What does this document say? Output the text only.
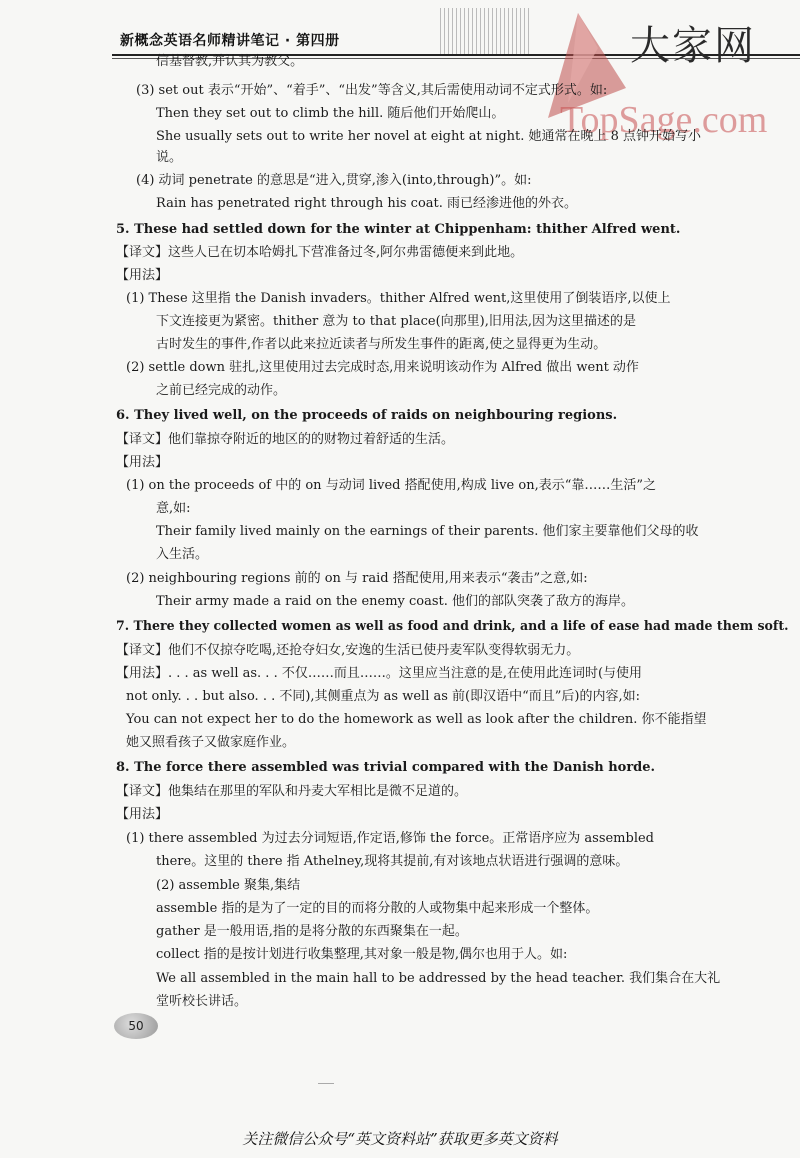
新概念英语名师精讲笔记 · 第四册	大家网
TopSage.com
信基督教,并认其为教父。
(3) set out 表示“开始”、“着手”、“出发”等含义,其后需使用动词不定式形式。如:
Then they set out to climb the hill. 随后他们开始爬山。
She usually sets out to write her novel at eight at night. 她通常在晚上 8 点钟开始写小
说。
(4) 动词 penetrate 的意思是“进入,贯穿,渗入(into,through)”。如:
Rain has penetrated right through his coat. 雨已经渗进他的外衣。
5. These had settled down for the winter at Chippenham: thither Alfred went.
【译文】这些人已在切本哈姆扎下营准备过冬,阿尔弗雷德便来到此地。
【用法】
(1) These 这里指 the Danish invaders。thither Alfred went,这里使用了倒装语序,以使上
下文连接更为紧密。thither 意为 to that place(向那里),旧用法,因为这里描述的是
古时发生的事件,作者以此来拉近读者与所发生事件的距离,使之显得更为生动。
(2) settle down 驻扎,这里使用过去完成时态,用来说明该动作为 Alfred 做出 went 动作
之前已经完成的动作。
6. They lived well, on the proceeds of raids on neighbouring regions.
【译文】他们靠掠夺附近的地区的的财物过着舒适的生活。
【用法】
(1) on the proceeds of 中的 on 与动词 lived 搭配使用,构成 live on,表示“靠……生活”之
意,如:
Their family lived mainly on the earnings of their parents. 他们家主要靠他们父母的收
入生活。
(2) neighbouring regions 前的 on 与 raid 搭配使用,用来表示“袭击”之意,如:
Their army made a raid on the enemy coast. 他们的部队突袭了敌方的海岸。
7. There they collected women as well as food and drink, and a life of ease had made them soft.
【译文】他们不仅掠夺吃喝,还抢夺妇女,安逸的生活已使丹麦军队变得软弱无力。
【用法】. . . as well as. . . 不仅……而且……。这里应当注意的是,在使用此连词时(与使用
not only. . . but also. . . 不同),其侧重点为 as well as 前(即汉语中“而且”后)的内容,如:
You can not expect her to do the homework as well as look after the children. 你不能指望
她又照看孩子又做家庭作业。
8. The force there assembled was trivial compared with the Danish horde.
【译文】他集结在那里的军队和丹麦大军相比是微不足道的。
【用法】
(1) there assembled 为过去分词短语,作定语,修饰 the force。正常语序应为 assembled
there。这里的 there 指 Athelney,现将其提前,有对该地点状语进行强调的意味。
(2) assemble 聚集,集结
assemble 指的是为了一定的目的而将分散的人或物集中起来形成一个整体。
gather 是一般用语,指的是将分散的东西聚集在一起。
collect 指的是按计划进行收集整理,其对象一般是物,偶尔也用于人。如:
We all assembled in the main hall to be addressed by the head teacher. 我们集合在大礼
堂听校长讲话。
50
关注微信公众号“英文资料站”获取更多英文资料
